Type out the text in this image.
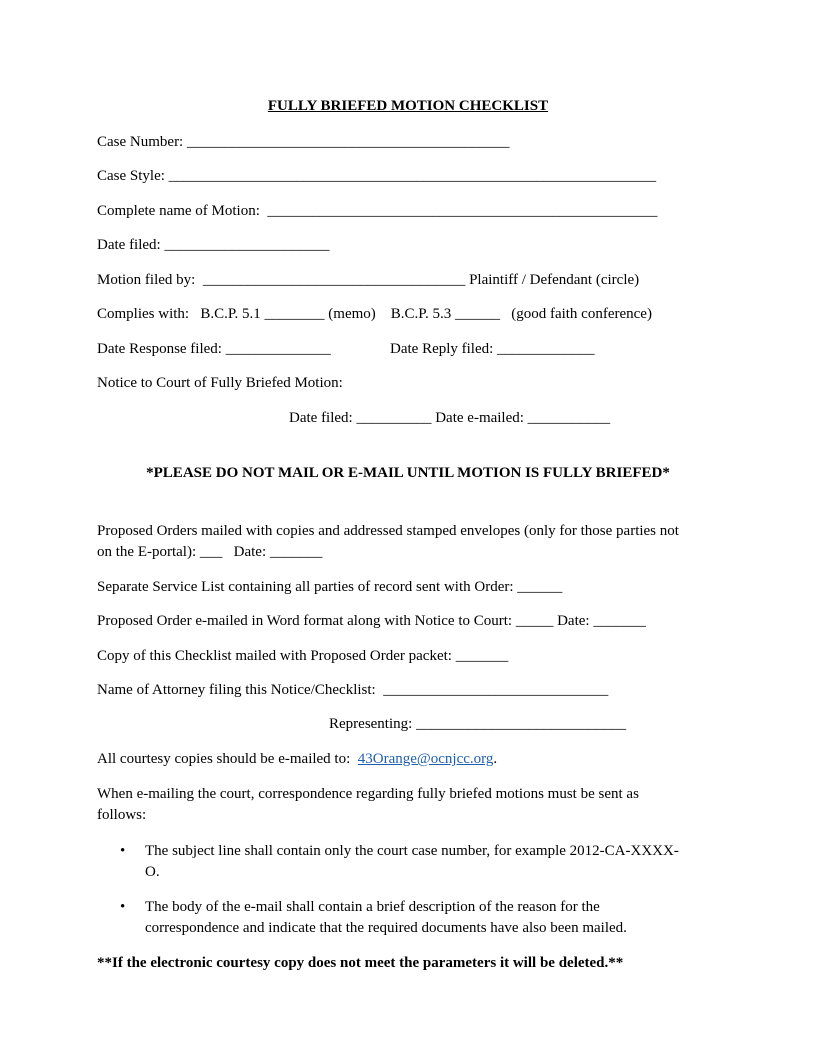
FULLY BRIEFED MOTION CHECKLIST
Case Number: ___________________________________________
Case Style: _________________________________________________________________
Complete name of Motion:  ____________________________________________________
Date filed: ______________________
Motion filed by:  ___________________________________ Plaintiff / Defendant (circle)
Complies with:   B.C.P. 5.1 ________ (memo)    B.C.P. 5.3 ______   (good faith conference)
Date Response filed: ______________	Date Reply filed: _____________
Notice to Court of Fully Briefed Motion:
Date filed: __________ Date e-mailed: ___________
*PLEASE DO NOT MAIL OR E-MAIL UNTIL MOTION IS FULLY BRIEFED*
Proposed Orders mailed with copies and addressed stamped envelopes (only for those parties not
on the E-portal): ___   Date: _______
Separate Service List containing all parties of record sent with Order: ______
Proposed Order e-mailed in Word format along with Notice to Court: _____ Date: _______
Copy of this Checklist mailed with Proposed Order packet: _______
Name of Attorney filing this Notice/Checklist:  ______________________________
Representing: ____________________________
All courtesy copies should be e-mailed to:  43Orange@ocnjcc.org.
When e-mailing the court, correspondence regarding fully briefed motions must be sent as
follows:
• The subject line shall contain only the court case number, for example 2012-CA-XXXX-
O.
• The body of the e-mail shall contain a brief description of the reason for the
correspondence and indicate that the required documents have also been mailed.
**If the electronic courtesy copy does not meet the parameters it will be deleted.**
